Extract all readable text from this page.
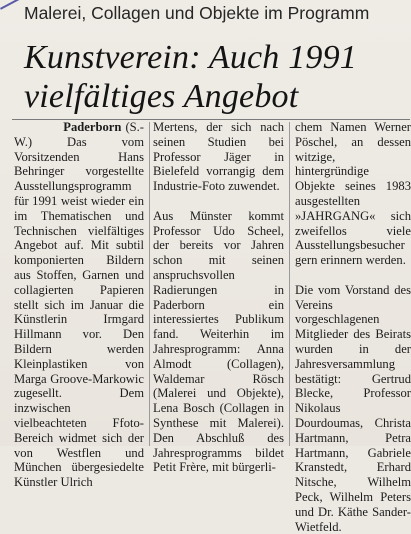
Malerei, Collagen und Objekte im Programm
Kunstverein: Auch 1991
vielfältiges Angebot

Paderborn (S.-W.)	Das vom Vorsitzenden Hans Behringer vorgestellte Ausstellungsprogramm für 1991 weist wieder ein im Thematischen und Technischen vielfältiges Angebot auf. Mit subtil komponierten Bildern aus Stoffen, Garnen und collagierten Papieren stellt sich im Januar die Künstlerin Irmgard Hillmann vor. Den Bildern werden Kleinplastiken von Marga Groove-Markowic zugesellt. Dem inzwischen vielbeachteten Ffoto-Bereich widmet sich der von Westflen und München übergesiedelte Künstler Ulrich

Mertens, der sich nach seinen Studien bei Professor Jäger in Bielefeld vorrangig dem Industrie-Foto zuwendet.

Aus Münster kommt Professor Udo Scheel, der bereits vor Jahren schon mit seinen anspruchsvollen Radierungen in Paderborn ein interessiertes Publikum fand. Weiterhin im Jahresprogramm: Anna Almodt (Collagen), Waldemar Rösch (Malerei und Objekte), Lena Bosch (Collagen in Synthese mit Malerei). Den Abschluß des Jahresprogramms bildet Petit Frère, mit bürgerli-

chem Namen Werner Pöschel, an dessen witzige, hintergründige Objekte seines 1983 ausgestellten »JAHRGANG« sich zweifellos viele Ausstellungsbesucher gern erinnern werden.

Die vom Vorstand des Vereins vorgeschlagenen Mitglieder des Beirats wurden in der Jahresversammlung bestätigt: Gertrud Blecke, Professor Nikolaus Dourdoumas, Christa Hartmann, Petra Hartmann, Gabriele Kranstedt, Erhard Nitsche, Wilhelm Peck, Wilhelm Peters und Dr. Käthe Sander-Wietfeld.
